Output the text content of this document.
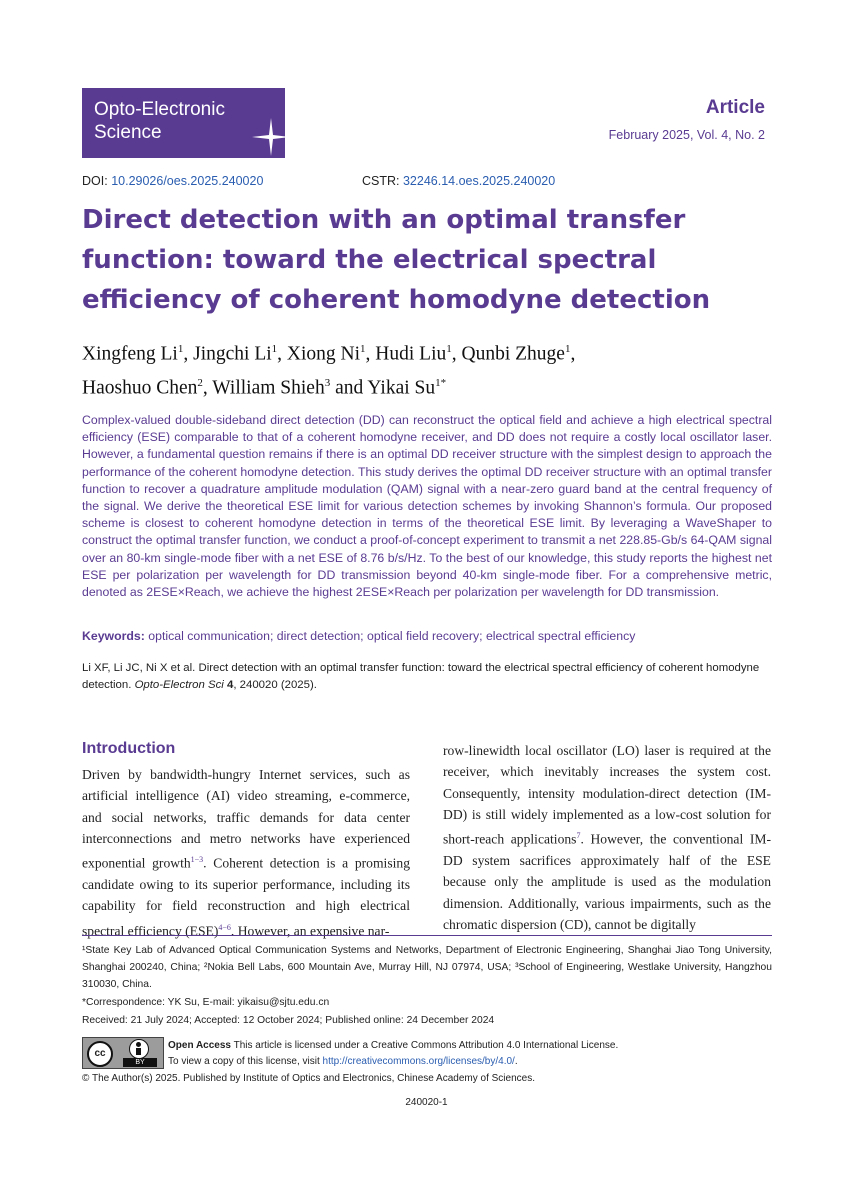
Opto-Electronic Science
Article
February 2025, Vol. 4, No. 2
DOI: 10.29026/oes.2025.240020	CSTR: 32246.14.oes.2025.240020
Direct detection with an optimal transfer function: toward the electrical spectral efficiency of coherent homodyne detection
Xingfeng Li$^1$, Jingchi Li$^1$, Xiong Ni$^1$, Hudi Liu$^1$, Qunbi Zhuge$^1$,
Haoshuo Chen$^2$, William Shieh$^3$ and Yikai $Su^{1*}$
Complex-valued double-sideband direct detection (DD) can reconstruct the optical field and achieve a high electrical spectral efficiency (ESE) comparable to that of a coherent homodyne receiver, and DD does not require a costly local oscillator laser. However, a fundamental question remains if there is an optimal DD receiver structure with the simplest design to approach the performance of the coherent homodyne detection. This study derives the optimal DD receiver structure with an optimal transfer function to recover a quadrature amplitude modulation (QAM) signal with a near-zero guard band at the central frequency of the signal. We derive the theoretical ESE limit for various detection schemes by invoking Shannon’s formula. Our proposed scheme is closest to coherent homodyne detection in terms of the theoretical ESE limit. By leveraging a WaveShaper to construct the optimal transfer function, we conduct a proof-of-concept experiment to transmit a net 228.85-Gb/s 64-QAM signal over an 80-km single-mode fiber with a net ESE of 8.76 b/s/Hz. To the best of our knowledge, this study reports the highest net ESE per polarization per wavelength for DD transmission beyond 40-km single-mode fiber. For a comprehensive metric, denoted as 2ESE×Reach, we achieve the highest 2ESE×Reach per polarization per wavelength for DD transmission.
Keywords: optical communication; direct detection; optical field recovery; electrical spectral efficiency
Li XF, Li JC, Ni X et al. Direct detection with an optimal transfer function: toward the electrical spectral efficiency of coherent homodyne detection. Opto-Electron Sci 4, 240020 (2025).
Introduction
Driven by bandwidth-hungry Internet services, such as artificial intelligence (AI) video streaming, e-commerce, and social networks, traffic demands for data center interconnections and metro networks have experienced exponential growth$^{1-3}$. Coherent detection is a promising candidate owing to its superior performance, including its capability for field reconstruction and high electrical spectral efficiency (ESE)$^{4-6}$. However, an expensive nar-
row-linewidth local oscillator (LO) laser is required at the receiver, which inevitably increases the system cost. Consequently, intensity modulation-direct detection (IM-DD) is still widely implemented as a low-cost solution for short-reach applications$^7$. However, the conventional IM-DD system sacrifices approximately half of the ESE because only the amplitude is used as the modulation dimension. Additionally, various impairments, such as the chromatic dispersion (CD), cannot be digitally
¹State Key Lab of Advanced Optical Communication Systems and Networks, Department of Electronic Engineering, Shanghai Jiao Tong University, Shanghai 200240, China; ²Nokia Bell Labs, 600 Mountain Ave, Murray Hill, NJ 07974, USA; ³School of Engineering, Westlake University, Hangzhou 310030, China.
*Correspondence: YK Su, E-mail: yikaisu@sjtu.edu.cn
Received: 21 July 2024; Accepted: 12 October 2024; Published online: 24 December 2024
cc
BY
Open Access This article is licensed under a Creative Commons Attribution 4.0 International License.
To view a copy of this license, visit http://creativecommons.org/licenses/by/4.0/.
© The Author(s) 2025. Published by Institute of Optics and Electronics, Chinese Academy of Sciences.
240020-1
